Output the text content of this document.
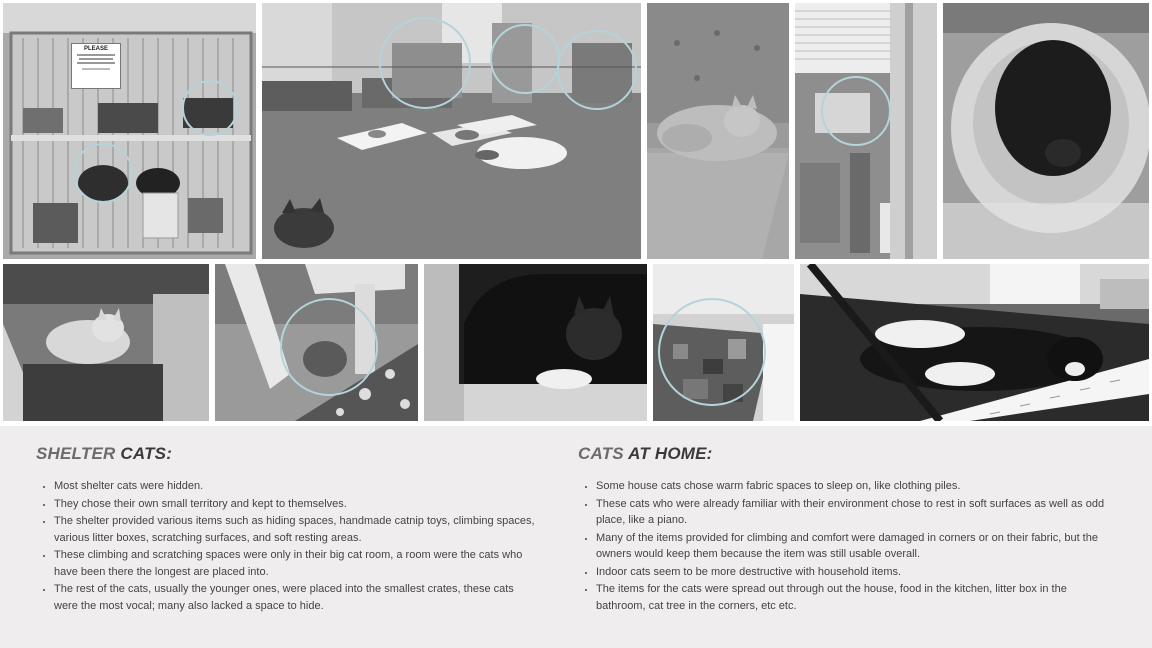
PLEASE
SHELTER CATS:
• Most shelter cats were hidden.
• They chose their own small territory and kept to themselves.
• The shelter provided various items such as hiding spaces, handmade catnip toys, climbing spaces, various litter boxes, scratching surfaces, and soft resting areas.
• These climbing and scratching spaces were only in their big cat room, a room were the cats who have been there the longest are placed into.
• The rest of the cats, usually the younger ones, were placed into the smallest crates, these cats were the most vocal; many also lacked a space to hide.
CATS AT HOME:
• Some house cats chose warm fabric spaces to sleep on, like clothing piles.
• These cats who were already familiar with their environment chose to rest in soft surfaces as well as odd place, like a piano.
• Many of the items provided for climbing and comfort were damaged in corners or on their fabric, but the owners would keep them because the item was still usable overall.
• Indoor cats seem to be more destructive with household items.
• The items for the cats were spread out through out the house, food in the kitchen, litter box in the bathroom, cat tree in the corners, etc etc.
